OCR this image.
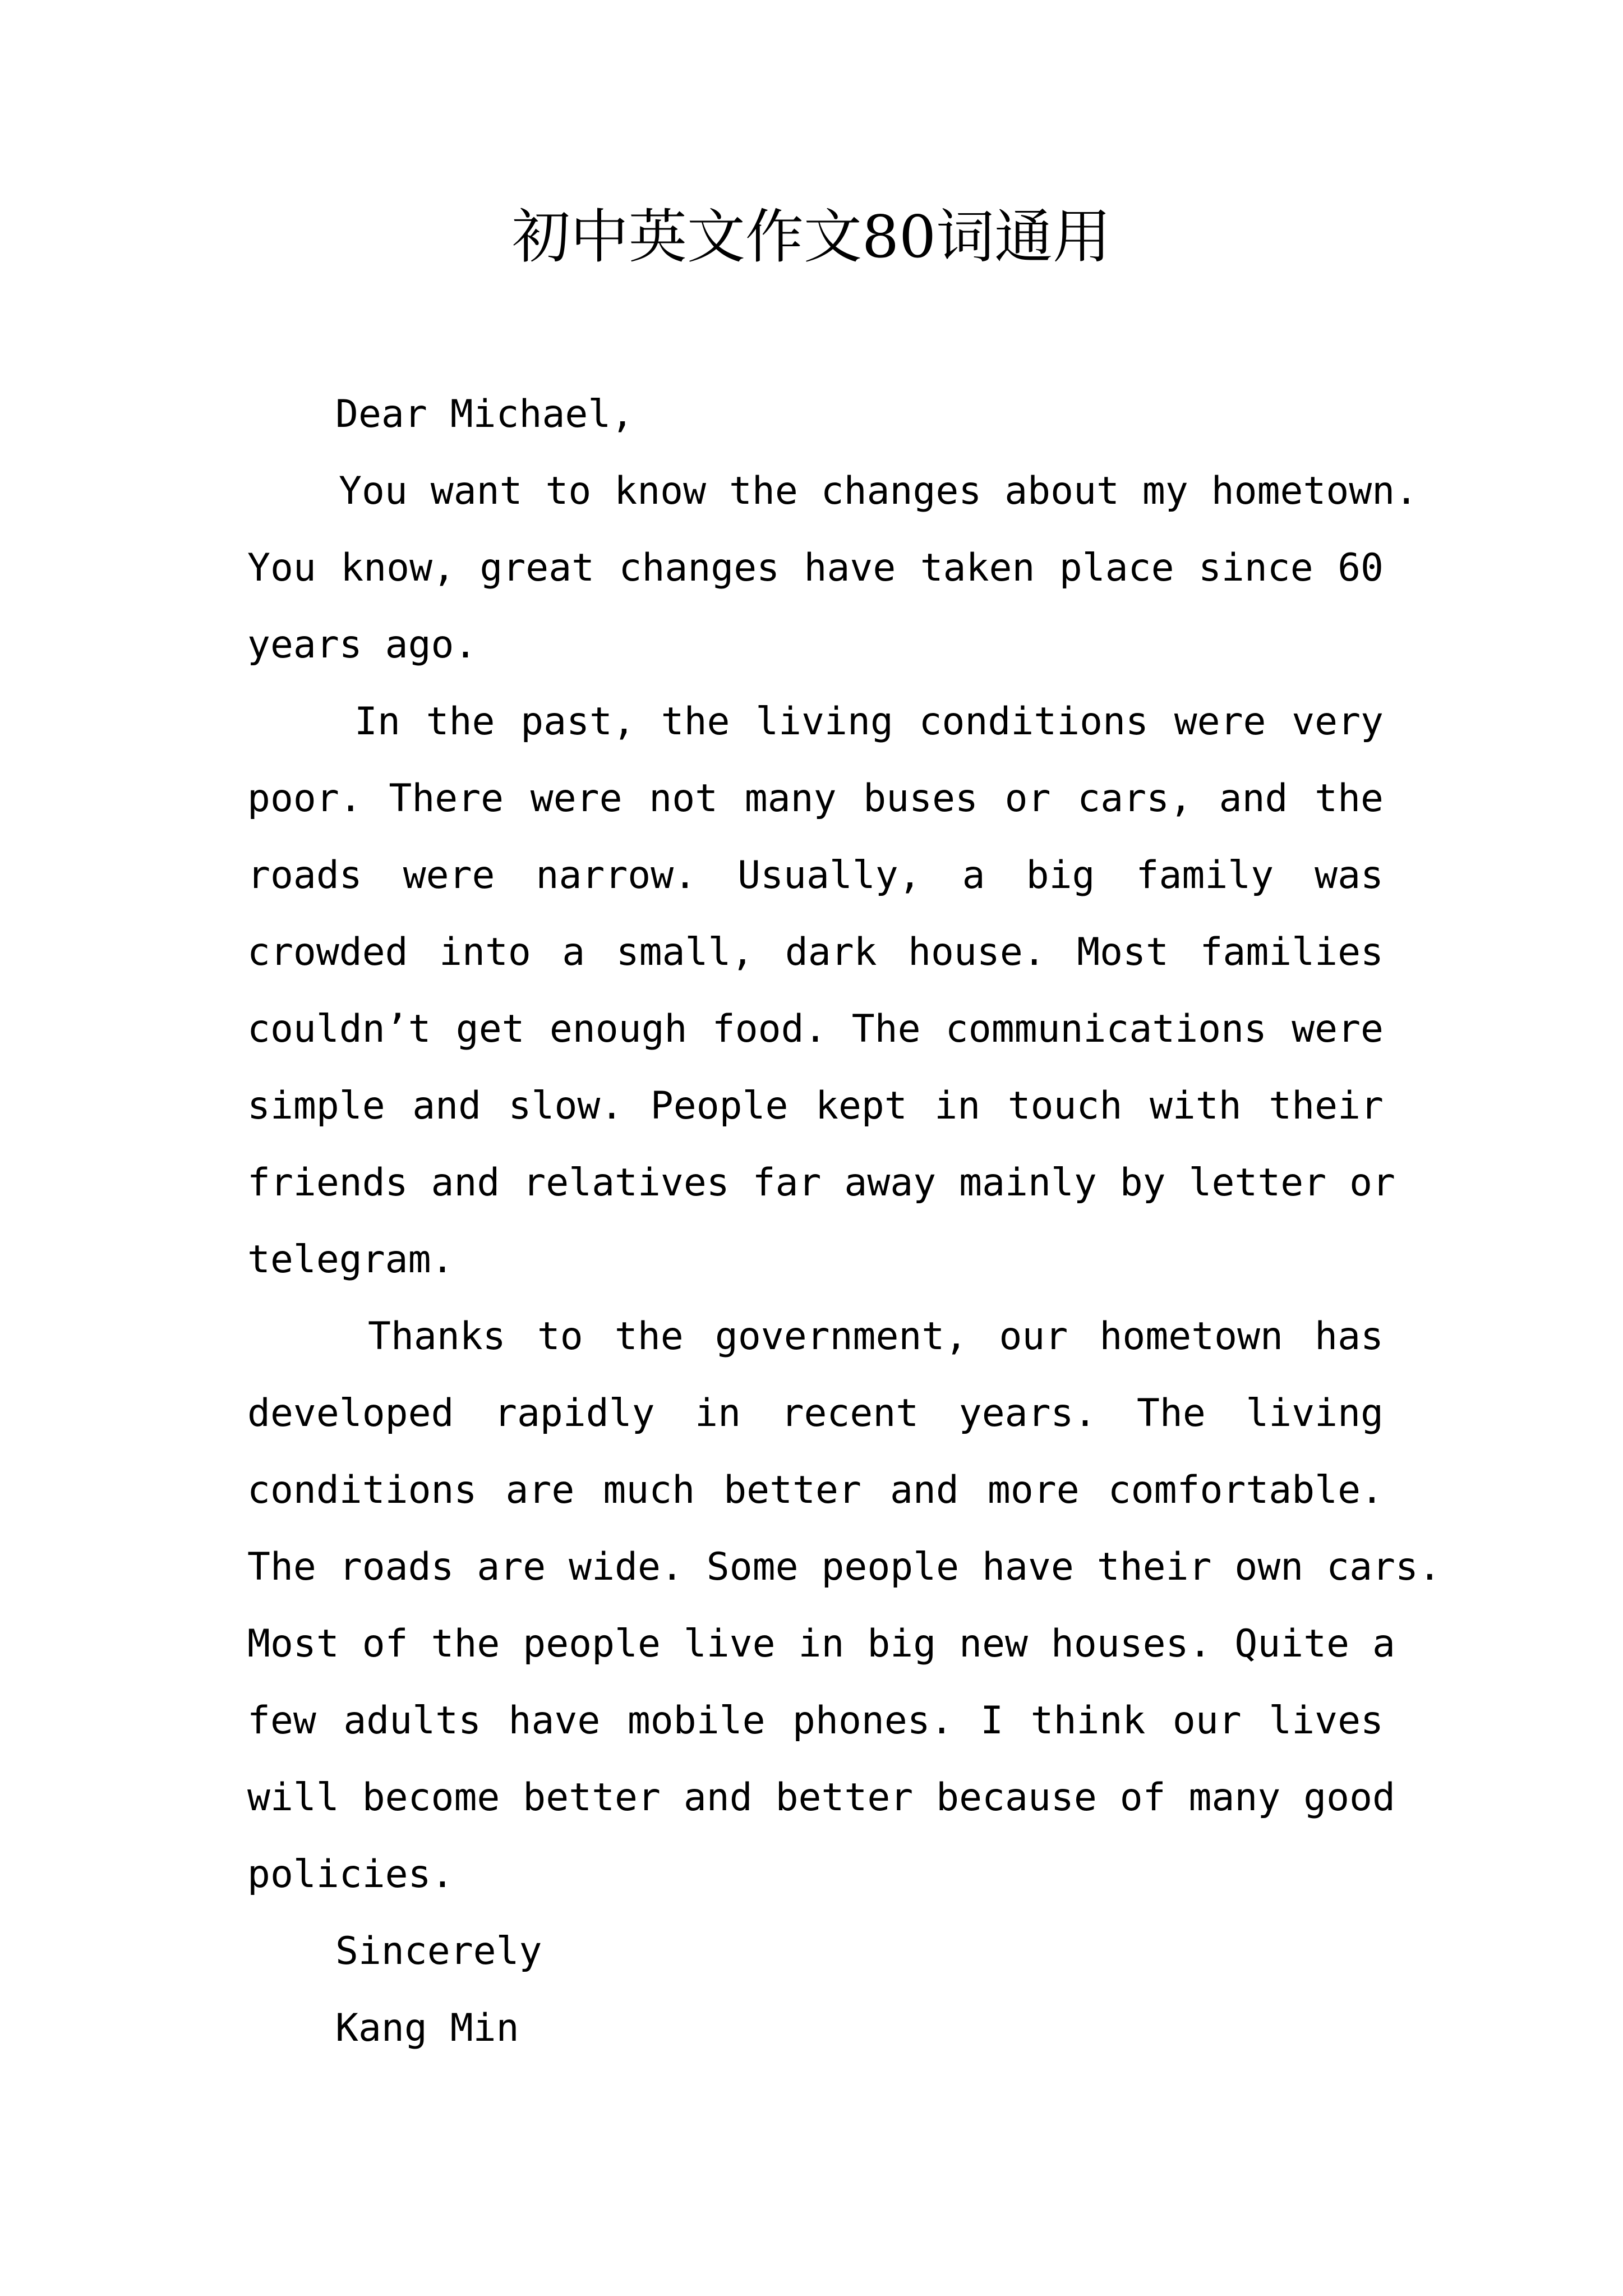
初中英文作文80词通用
Dear Michael,
You want to know the changes about my hometown.
You know, great changes have taken place since 60
years ago.
In the past, the living conditions were very
poor. There were not many buses or cars, and the
roads were narrow. Usually, a big family was
crowded into a small, dark house. Most families
couldn’t get enough food. The communications were
simple and slow. People kept in touch with their
friends and relatives far away mainly by letter or
telegram.
Thanks to the government, our hometown has
developed rapidly in recent years. The living
conditions are much better and more comfortable.
The roads are wide. Some people have their own cars.
Most of the people live in big new houses. Quite a
few adults have mobile phones. I think our lives
will become better and better because of many good
policies.
Sincerely
Kang Min
